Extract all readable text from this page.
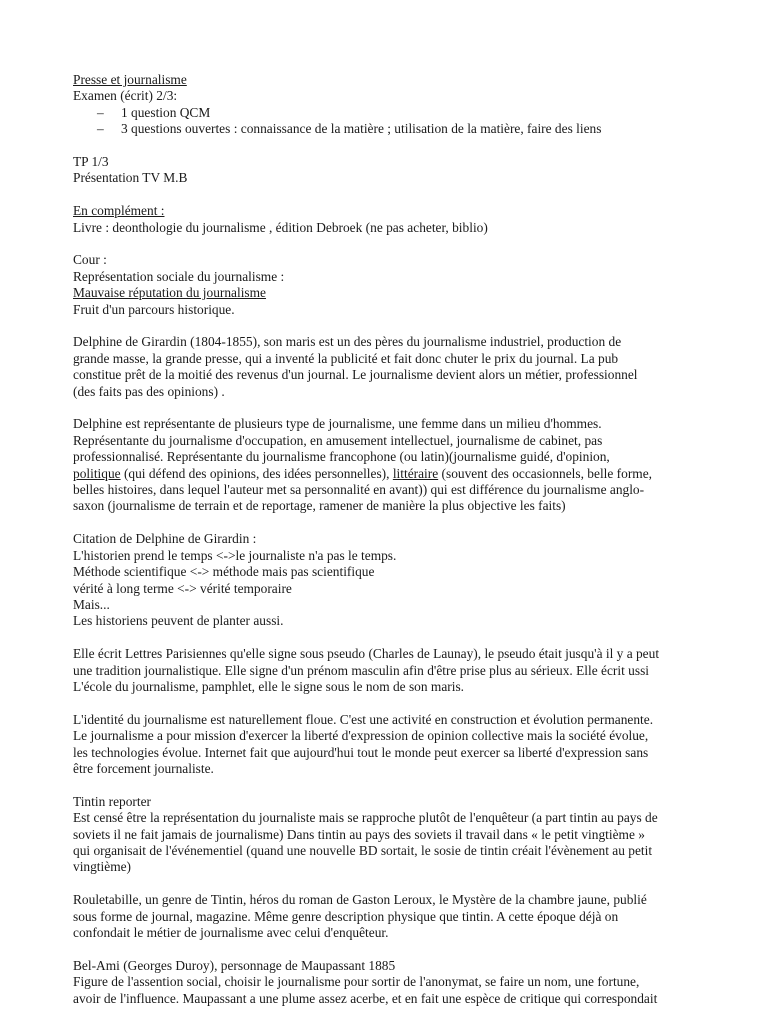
Presse et journalisme
Examen (écrit) 2/3:
– 1 question QCM
– 3 questions ouvertes : connaissance de la matière ; utilisation de la matière, faire des liens
TP 1/3
Présentation TV M.B
En complément :
Livre : deonthologie du journalisme , édition Debroek (ne pas acheter, biblio)
Cour :
Représentation sociale du journalisme :
Mauvaise réputation du journalisme
Fruit d'un parcours historique.
Delphine de Girardin (1804-1855), son maris est un des pères du journalisme industriel, production de
grande masse, la grande presse, qui a inventé la publicité et fait donc chuter le prix du journal. La pub
constitue prêt de la moitié des revenus d'un journal. Le journalisme devient alors un métier, professionnel
(des faits pas des opinions) .
Delphine est représentante de plusieurs type de journalisme, une femme dans un milieu d'hommes.
Représentante du journalisme d'occupation, en amusement intellectuel, journalisme de cabinet, pas
professionnalisé. Représentante du journalisme francophone (ou latin)(journalisme guidé, d'opinion,
politique (qui défend des opinions, des idées personnelles), littéraire (souvent des occasionnels, belle forme,
belles histoires, dans lequel l'auteur met sa personnalité en avant)) qui est différence du journalisme anglo-
saxon (journalisme de terrain et de reportage, ramener de manière la plus objective les faits)
Citation de Delphine de Girardin :
L'historien prend le temps <->le journaliste n'a pas le temps.
Méthode scientifique <-> méthode mais pas scientifique
vérité à long terme <-> vérité temporaire
Mais...
Les historiens peuvent de planter aussi.
Elle écrit Lettres Parisiennes qu'elle signe sous pseudo (Charles de Launay), le pseudo était jusqu'à il y a peut
une tradition journalistique. Elle signe d'un prénom masculin afin d'être prise plus au sérieux. Elle écrit ussi
L'école du journalisme, pamphlet, elle le signe sous le nom de son maris.
L'identité du journalisme est naturellement floue. C'est une activité en construction et évolution permanente.
Le journalisme a pour mission d'exercer la liberté d'expression de opinion collective mais la société évolue,
les technologies évolue. Internet fait que aujourd'hui tout le monde peut exercer sa liberté d'expression sans
être forcement journaliste.
Tintin reporter
Est censé être la représentation du journaliste mais se rapproche plutôt de l'enquêteur (a part tintin au pays de
soviets il ne fait jamais de journalisme) Dans tintin au pays des soviets il travail dans « le petit vingtième »
qui organisait de l'événementiel (quand une nouvelle BD sortait, le sosie de tintin créait l'évènement au petit
vingtième)
Rouletabille, un genre de Tintin, héros du roman de Gaston Leroux, le Mystère de la chambre jaune, publié
sous forme de journal, magazine. Même genre description physique que tintin. A cette époque déjà on
confondait le métier de journalisme avec celui d'enquêteur.
Bel-Ami (Georges Duroy), personnage de Maupassant 1885
Figure de l'assention social, choisir le journalisme pour sortir de l'anonymat, se faire un nom, une fortune,
avoir de l'influence. Maupassant a une plume assez acerbe, et en fait une espèce de critique qui correspondait
